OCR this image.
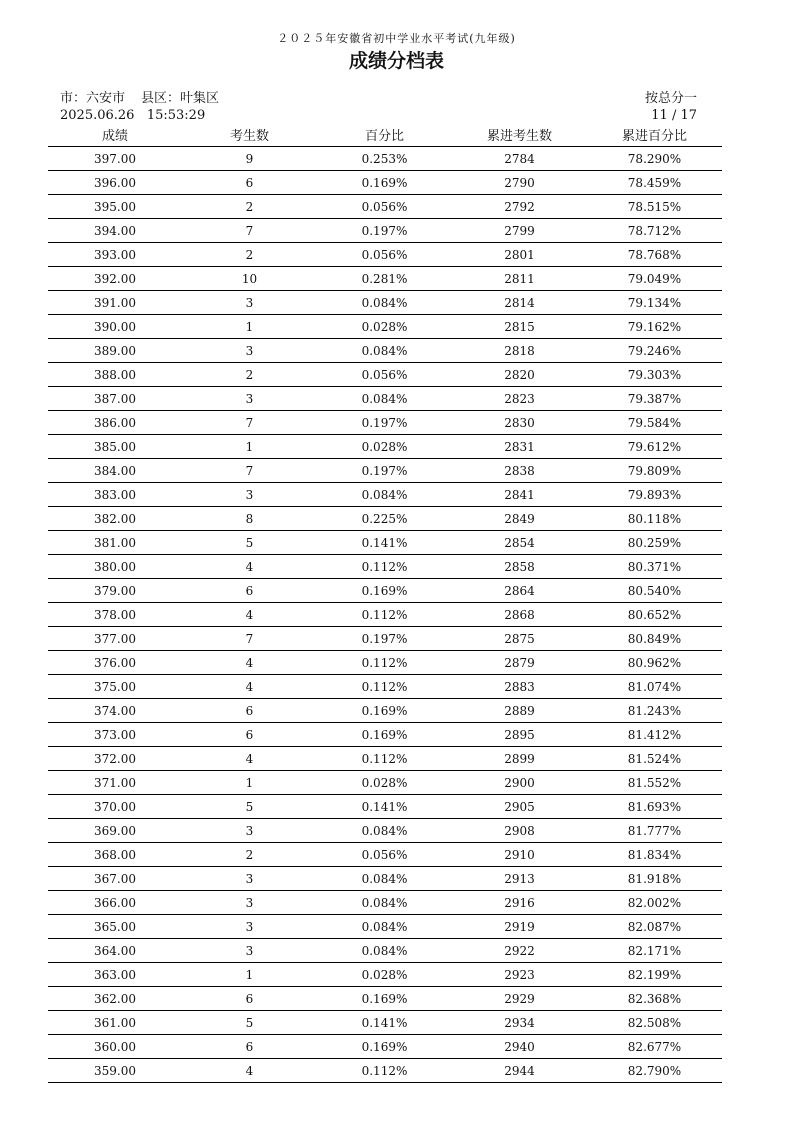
２０２５年安徽省初中学业水平考试(九年级)
成绩分档表
市：六安市 县区：叶集区
2025.06.26   15:53:29
按总分一
11 / 17
成绩	考生数	百分比	累进考生数	累进百分比
397.00	9	0.253%	2784	78.290%
396.00	6	0.169%	2790	78.459%
395.00	2	0.056%	2792	78.515%
394.00	7	0.197%	2799	78.712%
393.00	2	0.056%	2801	78.768%
392.00	10	0.281%	2811	79.049%
391.00	3	0.084%	2814	79.134%
390.00	1	0.028%	2815	79.162%
389.00	3	0.084%	2818	79.246%
388.00	2	0.056%	2820	79.303%
387.00	3	0.084%	2823	79.387%
386.00	7	0.197%	2830	79.584%
385.00	1	0.028%	2831	79.612%
384.00	7	0.197%	2838	79.809%
383.00	3	0.084%	2841	79.893%
382.00	8	0.225%	2849	80.118%
381.00	5	0.141%	2854	80.259%
380.00	4	0.112%	2858	80.371%
379.00	6	0.169%	2864	80.540%
378.00	4	0.112%	2868	80.652%
377.00	7	0.197%	2875	80.849%
376.00	4	0.112%	2879	80.962%
375.00	4	0.112%	2883	81.074%
374.00	6	0.169%	2889	81.243%
373.00	6	0.169%	2895	81.412%
372.00	4	0.112%	2899	81.524%
371.00	1	0.028%	2900	81.552%
370.00	5	0.141%	2905	81.693%
369.00	3	0.084%	2908	81.777%
368.00	2	0.056%	2910	81.834%
367.00	3	0.084%	2913	81.918%
366.00	3	0.084%	2916	82.002%
365.00	3	0.084%	2919	82.087%
364.00	3	0.084%	2922	82.171%
363.00	1	0.028%	2923	82.199%
362.00	6	0.169%	2929	82.368%
361.00	5	0.141%	2934	82.508%
360.00	6	0.169%	2940	82.677%
359.00	4	0.112%	2944	82.790%
